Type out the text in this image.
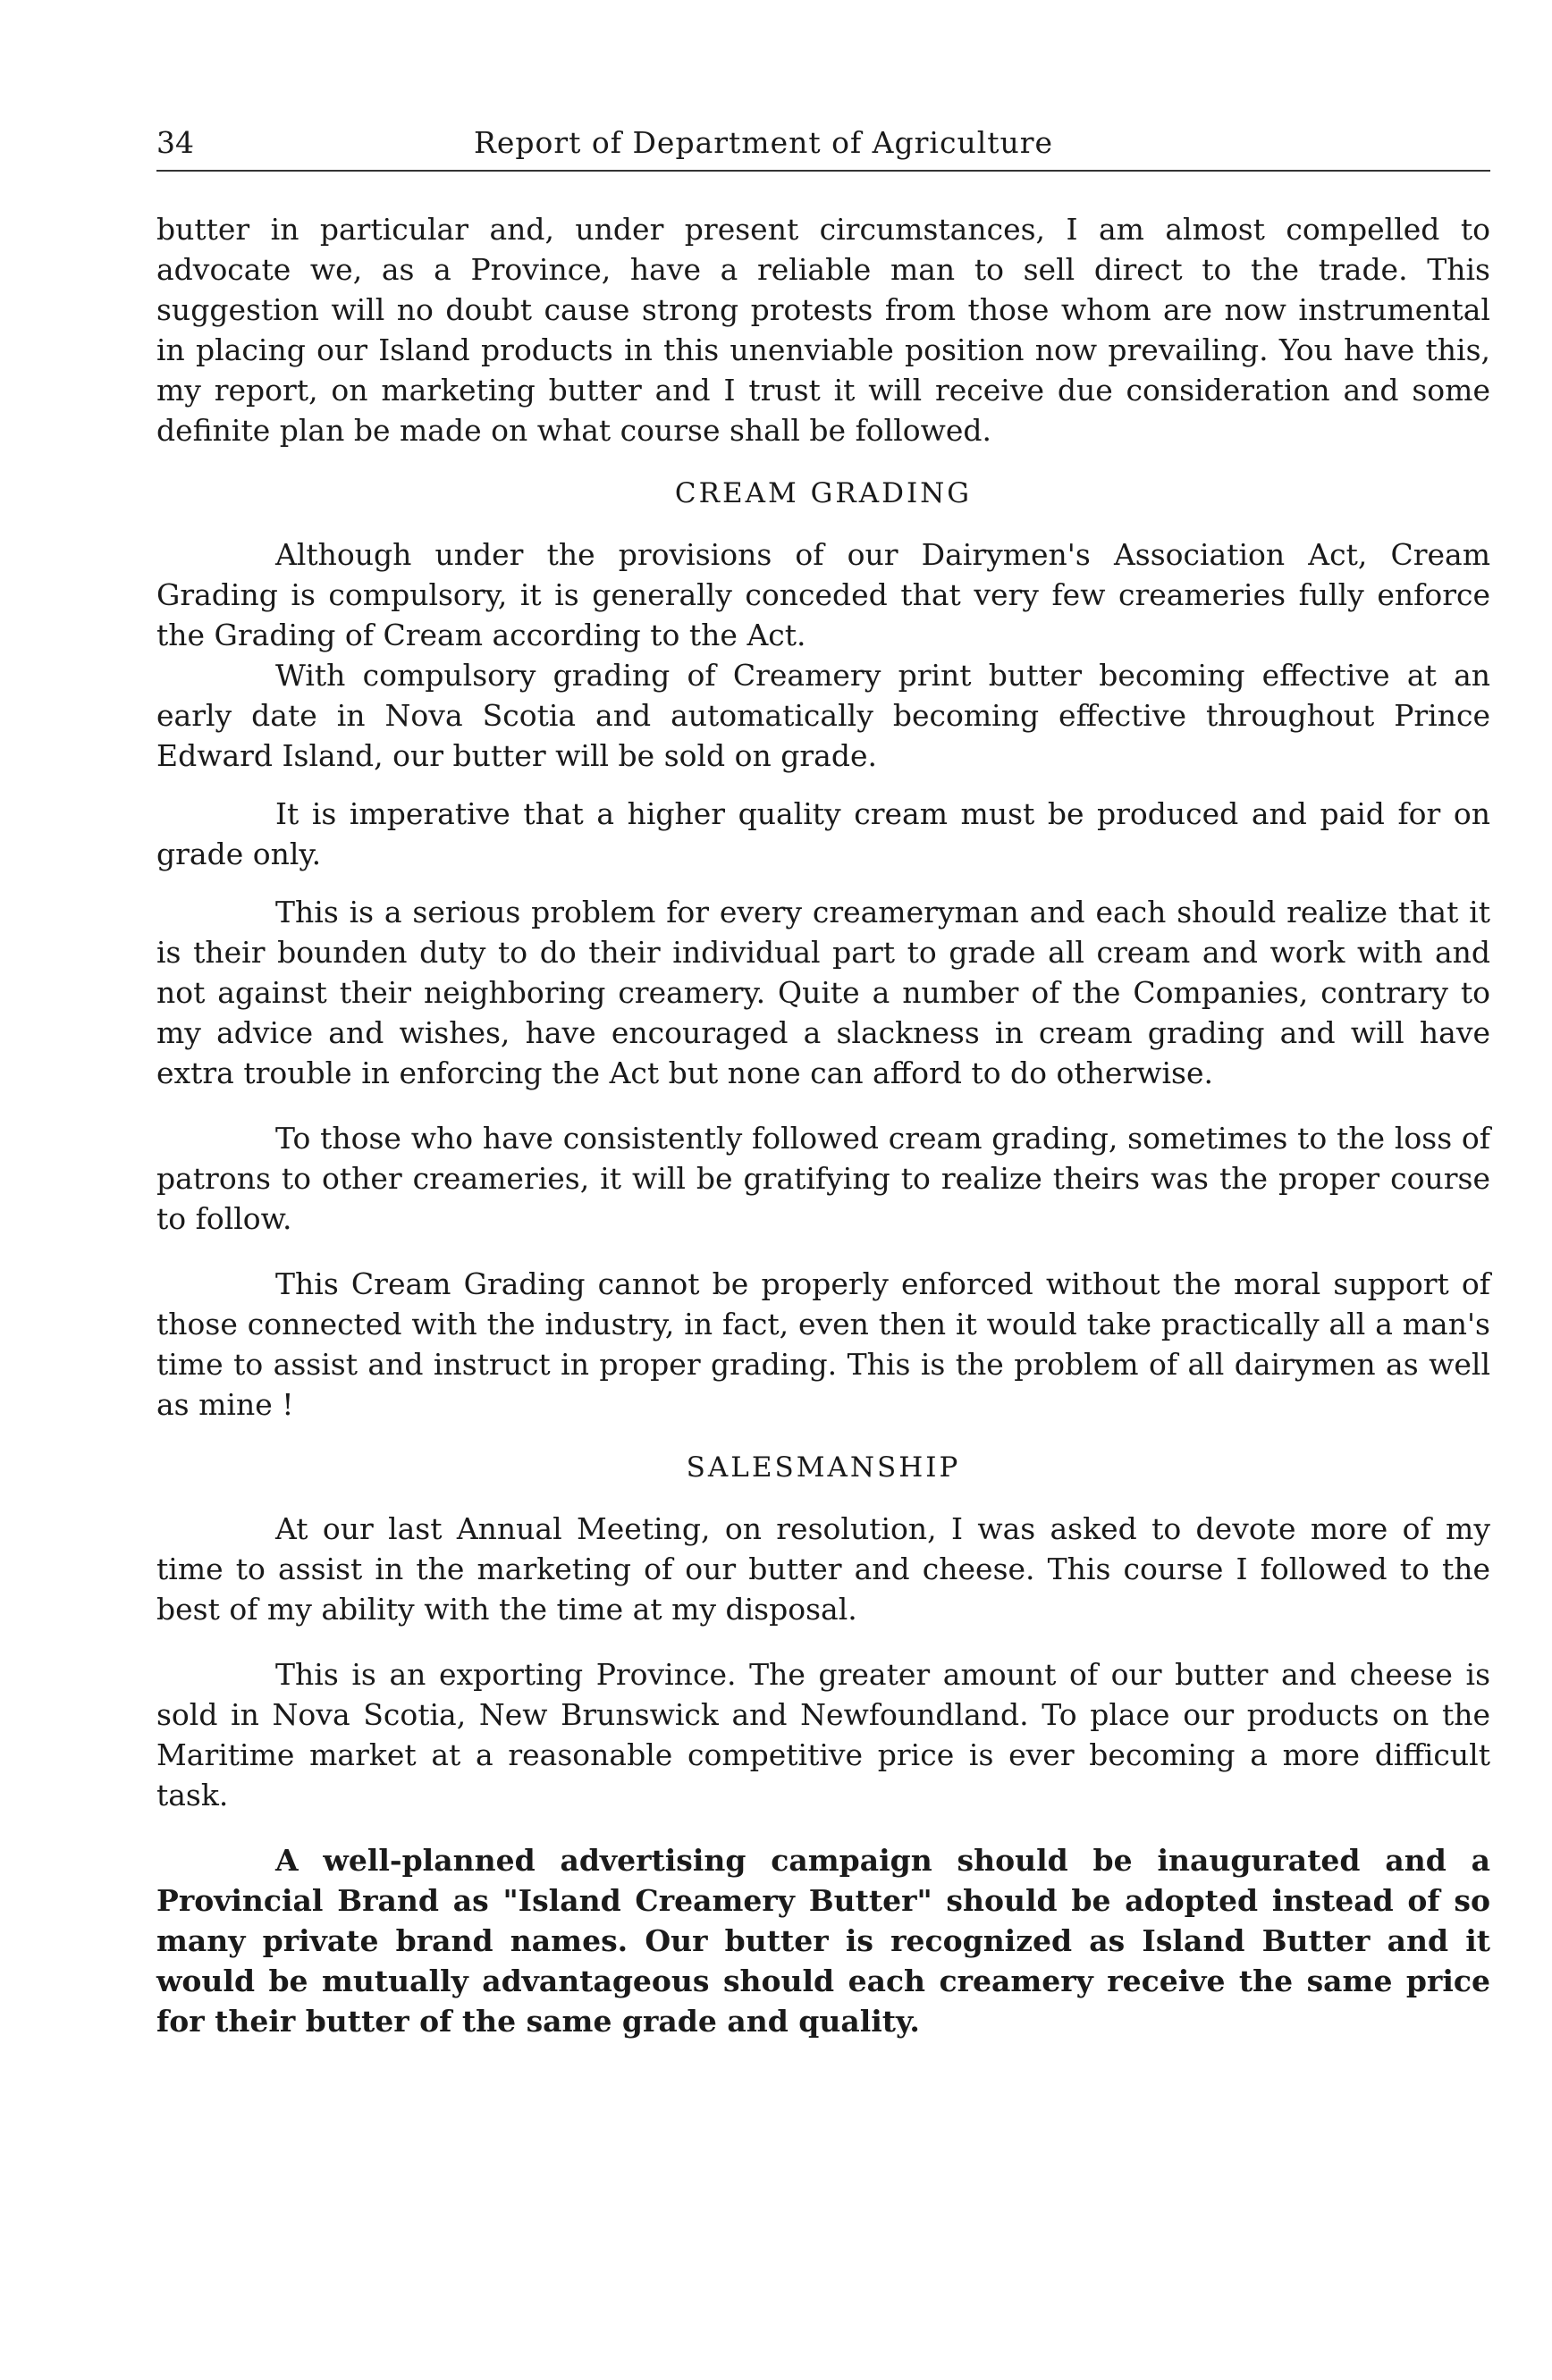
34	Report of Department of Agriculture

butter in particular and, under present circumstances, I am almost compelled to advocate we, as a Province, have a reliable man to sell direct to the trade. This suggestion will no doubt cause strong protests from those whom are now instrumental in placing our Island products in this unenviable position now prevailing. You have this, my report, on marketing butter and I trust it will receive due consideration and some definite plan be made on what course shall be followed.

CREAM GRADING

Although under the provisions of our Dairymen's Association Act, Cream Grading is compulsory, it is generally conceded that very few creameries fully enforce the Grading of Cream according to the Act.

With compulsory grading of Creamery print butter becoming effective at an early date in Nova Scotia and automatically becoming effective throughout Prince Edward Island, our butter will be sold on grade.

It is imperative that a higher quality cream must be produced and paid for on grade only.

This is a serious problem for every creameryman and each should realize that it is their bounden duty to do their individual part to grade all cream and work with and not against their neighboring creamery. Quite a number of the Companies, contrary to my advice and wishes, have encouraged a slackness in cream grading and will have extra trouble in enforcing the Act but none can afford to do otherwise.

To those who have consistently followed cream grading, sometimes to the loss of patrons to other creameries, it will be gratifying to realize theirs was the proper course to follow.

This Cream Grading cannot be properly enforced without the moral support of those connected with the industry, in fact, even then it would take practically all a man's time to assist and instruct in proper grading. This is the problem of all dairymen as well as mine !

SALESMANSHIP

At our last Annual Meeting, on resolution, I was asked to devote more of my time to assist in the marketing of our butter and cheese. This course I followed to the best of my ability with the time at my disposal.

This is an exporting Province. The greater amount of our butter and cheese is sold in Nova Scotia, New Brunswick and Newfoundland. To place our products on the Maritime market at a reasonable competitive price is ever becoming a more difficult task.

A well-planned advertising campaign should be inaugurated and a Provincial Brand as "Island Creamery Butter" should be adopted instead of so many private brand names. Our butter is recognized as Island Butter and it would be mutually advantageous should each creamery receive the same price for their butter of the same grade and quality.
